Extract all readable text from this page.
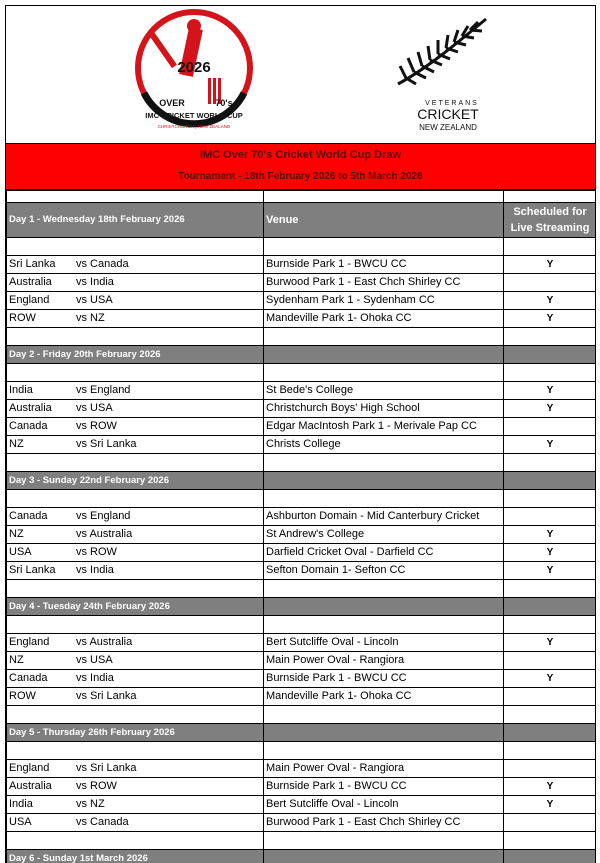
2026
OVER	70's
IMC CRICKET WORLD CUP
CHRISTCHURCH | NEW ZEALAND
VETERANS
CRICKET
NEW ZEALAND
IMC Over 70's Cricket World Cup Draw
Tournament - 18th February 2026 to 5th March 2026

Day 1 - Wednesday 18th February 2026	Venue	Scheduled for
Live Streaming

Sri Lanka vs Canada	Burnside Park 1 - BWCU CC	Y
Australia vs India	Burwood Park 1 - East Chch Shirley CC	
England vs USA	Sydenham Park 1 - Sydenham CC	Y
ROW vs NZ	Mandeville Park 1- Ohoka CC	Y

Day 2 - Friday 20th February 2026		

India vs England	St Bede's College	Y
Australia vs USA	Christchurch Boys' High School	Y
Canada vs ROW	Edgar MacIntosh Park 1 - Merivale Pap CC	
NZ vs Sri Lanka	Christs College	Y

Day 3 - Sunday 22nd February 2026		

Canada vs England	Ashburton Domain - Mid Canterbury Cricket	
NZ vs Australia	St Andrew's College	Y
USA vs ROW	Darfield Cricket Oval - Darfield CC	Y
Sri Lanka vs India	Sefton Domain 1- Sefton CC	Y

Day 4 - Tuesday 24th February 2026		

England vs Australia	Bert Sutcliffe Oval - Lincoln	Y
NZ vs USA	Main Power Oval - Rangiora	
Canada vs India	Burnside Park 1 - BWCU CC	Y
ROW vs Sri Lanka	Mandeville Park 1- Ohoka CC	

Day 5 - Thursday 26th February 2026		

England vs Sri Lanka	Main Power Oval - Rangiora	
Australia vs ROW	Burnside Park 1 - BWCU CC	Y
India vs NZ	Bert Sutcliffe Oval - Lincoln	Y
USA vs Canada	Burwood Park 1 - East Chch Shirley CC	

Day 6 - Sunday 1st March 2026		
